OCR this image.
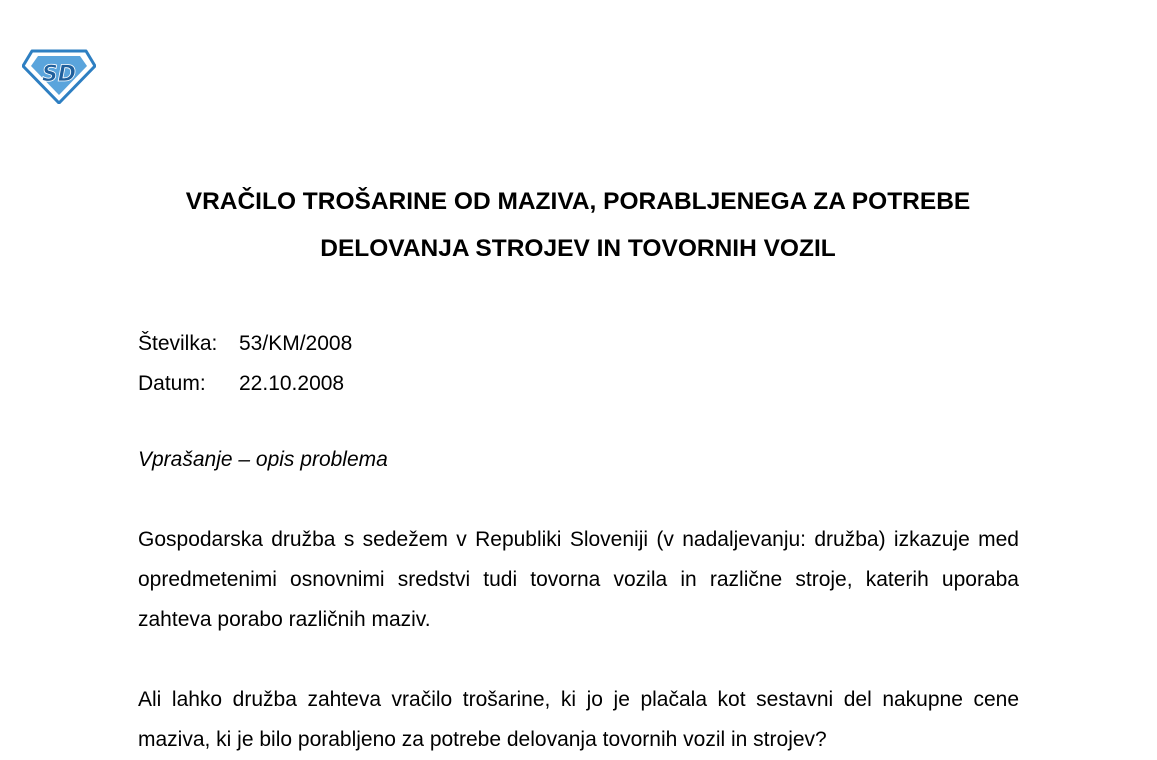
SD
VRAČILO TROŠARINE OD MAZIVA, PORABLJENEGA ZA POTREBE
DELOVANJA STROJEV IN TOVORNIH VOZIL
Številka:	53/KM/2008
Datum:	22.10.2008
Vprašanje – opis problema

Gospodarska družba s sedežem v Republiki Sloveniji (v nadaljevanju: družba) izkazuje med opredmetenimi osnovnimi sredstvi tudi tovorna vozila in različne stroje, katerih uporaba zahteva porabo različnih maziv.

Ali lahko družba zahteva vračilo trošarine, ki jo je plačala kot sestavni del nakupne cene maziva, ki je bilo porabljeno za potrebe delovanja tovornih vozil in strojev?
